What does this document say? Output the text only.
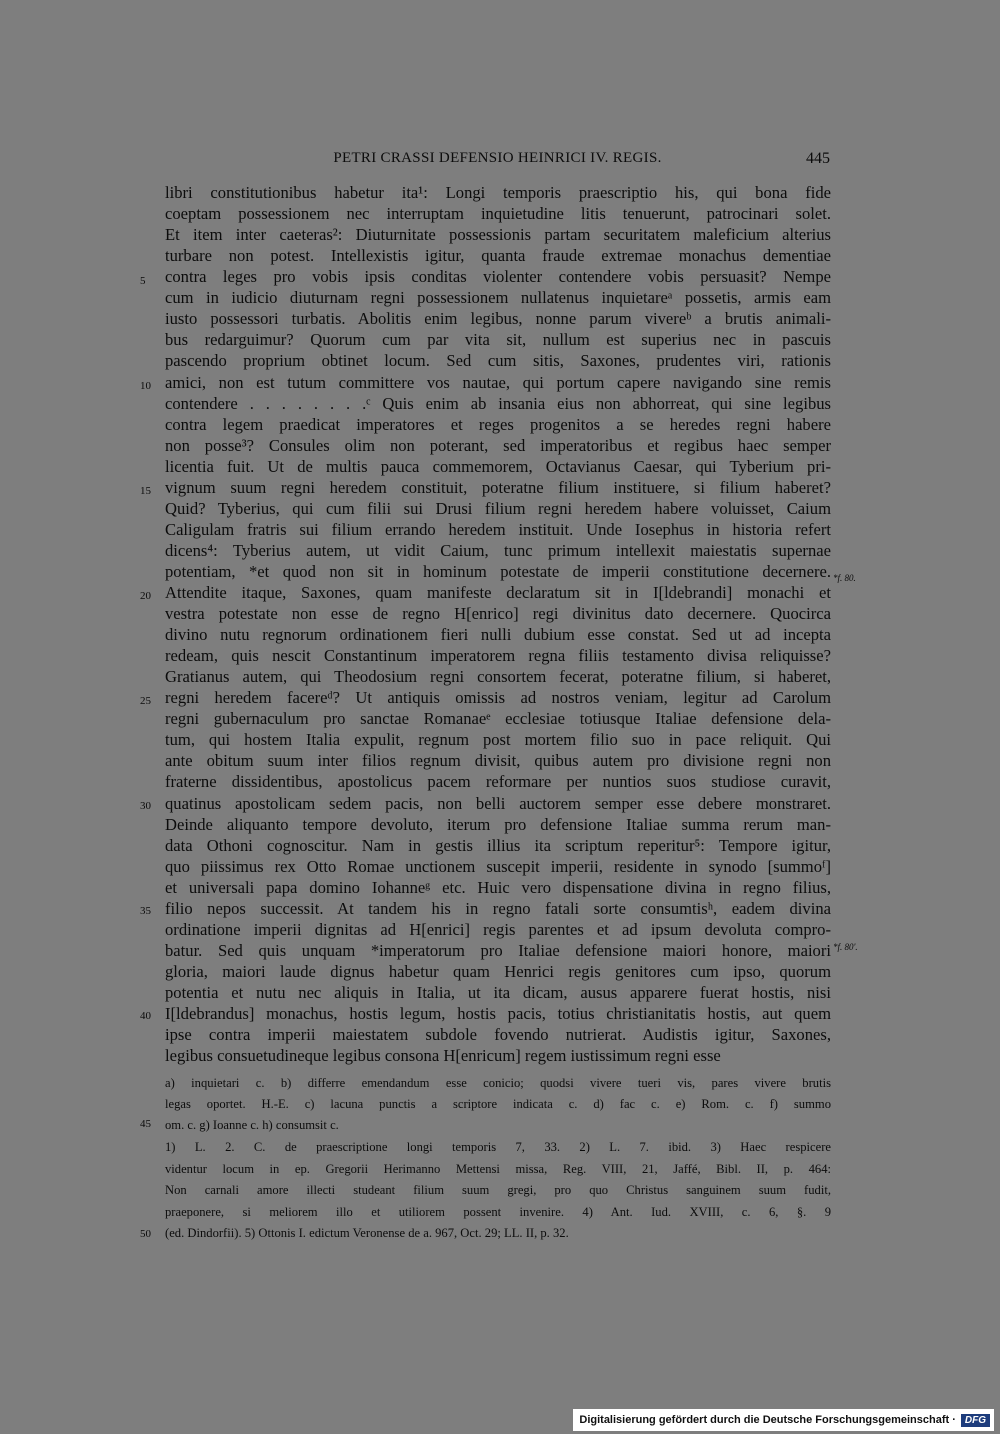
PETRI CRASSI DEFENSIO HEINRICI IV. REGIS.	445
libri constitutionibus habetur ita¹: Longi temporis praescriptio his, qui bona fide
coeptam possessionem nec interruptam inquietudine litis tenuerunt, patrocinari solet.
Et item inter caeteras²: Diuturnitate possessionis partam securitatem maleficium alterius
turbare non potest. Intellexistis igitur, quanta fraude extremae monachus dementiae
contra leges pro vobis ipsis conditas violenter contendere vobis persuasit? Nempe
cum in iudicio diuturnam regni possessionem nullatenus inquietareᵃ possetis, armis eam
iusto possessori turbatis. Abolitis enim legibus, nonne parum vivereᵇ a brutis animali-
bus redarguimur? Quorum cum par vita sit, nullum est superius nec in pascuis
pascendo proprium obtinet locum. Sed cum sitis, Saxones, prudentes viri, rationis
amici, non est tutum committere vos nautae, qui portum capere navigando sine remis
contendere . . . . . . . .ᶜ Quis enim ab insania eius non abhorreat, qui sine legibus
contra legem praedicat imperatores et reges progenitos a se heredes regni habere
non posse³? Consules olim non poterant, sed imperatoribus et regibus haec semper
licentia fuit. Ut de multis pauca commemorem, Octavianus Caesar, qui Tyberium pri-
vignum suum regni heredem constituit, poteratne filium instituere, si filium haberet?
Quid? Tyberius, qui cum filii sui Drusi filium regni heredem habere voluisset, Caium
Caligulam fratris sui filium errando heredem instituit. Unde Iosephus in historia refert
dicens⁴: Tyberius autem, ut vidit Caium, tunc primum intellexit maiestatis supernae
potentiam, *et quod non sit in hominum potestate de imperii constitutione decernere.
Attendite itaque, Saxones, quam manifeste declaratum sit in I[ldebrandi] monachi et
vestra potestate non esse de regno H[enrico] regi divinitus dato decernere. Quocirca
divino nutu regnorum ordinationem fieri nulli dubium esse constat. Sed ut ad incepta
redeam, quis nescit Constantinum imperatorem regna filiis testamento divisa reliquisse?
Gratianus autem, qui Theodosium regni consortem fecerat, poteratne filium, si haberet,
regni heredem facereᵈ? Ut antiquis omissis ad nostros veniam, legitur ad Carolum
regni gubernaculum pro sanctae Romanaeᵉ ecclesiae totiusque Italiae defensione dela-
tum, qui hostem Italia expulit, regnum post mortem filio suo in pace reliquit. Qui
ante obitum suum inter filios regnum divisit, quibus autem pro divisione regni non
fraterne dissidentibus, apostolicus pacem reformare per nuntios suos studiose curavit,
quatinus apostolicam sedem pacis, non belli auctorem semper esse debere monstraret.
Deinde aliquanto tempore devoluto, iterum pro defensione Italiae summa rerum man-
data Othoni cognoscitur. Nam in gestis illius ita scriptum reperitur⁵: Tempore igitur,
quo piissimus rex Otto Romae unctionem suscepit imperii, residente in synodo [summoᶠ]
et universali papa domino Iohanneᵍ etc. Huic vero dispensatione divina in regno filius,
filio nepos successit. At tandem his in regno fatali sorte consumtisʰ, eadem divina
ordinatione imperii dignitas ad H[enrici] regis parentes et ad ipsum devoluta compro-
batur. Sed quis unquam *imperatorum pro Italiae defensione maiori honore, maiori
gloria, maiori laude dignus habetur quam Henrici regis genitores cum ipso, quorum
potentia et nutu nec aliquis in Italia, ut ita dicam, ausus apparere fuerat hostis, nisi
I[ldebrandus] monachus, hostis legum, hostis pacis, totius christianitatis hostis, aut quem
ipse contra imperii maiestatem subdole fovendo nutrierat. Audistis igitur, Saxones,
legibus consuetudineque legibus consona H[enricum] regem iustissimum regni esse
5
10
15
20
25
30
35
40
*f. 80.
*f. 80'.
a) inquietari c. b) differre emendandum esse conicio; quodsi vivere tueri vis, pares vivere brutis
legas oportet. H.-E. c) lacuna punctis a scriptore indicata c. d) fac c. e) Rom. c. f) summo
om. c. g) Ioanne c. h) consumsit c.
1) L. 2. C. de praescriptione longi temporis 7, 33. 2) L. 7. ibid. 3) Haec respicere
videntur locum in ep. Gregorii Herimanno Mettensi missa, Reg. VIII, 21, Jaffé, Bibl. II, p. 464:
Non carnali amore illecti studeant filium suum gregi, pro quo Christus sanguinem suum fudit,
praeponere, si meliorem illo et utiliorem possent invenire. 4) Ant. Iud. XVIII, c. 6, §. 9
(ed. Dindorfii). 5) Ottonis I. edictum Veronense de a. 967, Oct. 29; LL. II, p. 32.
45
50
Digitalisierung gefördert durch die Deutsche Forschungsgemeinschaft · DFG
